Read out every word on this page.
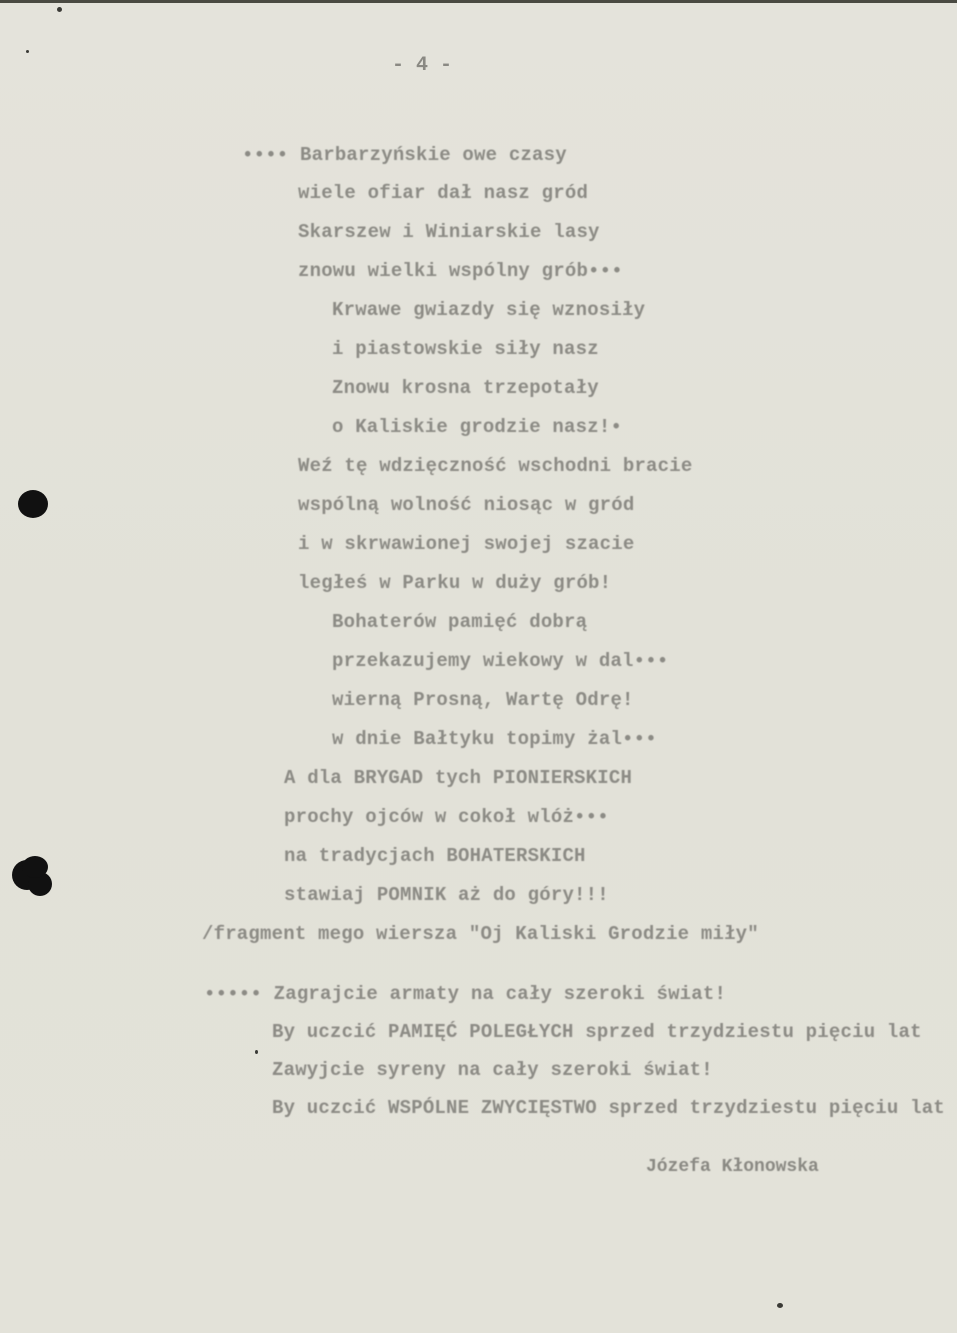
- 4 -
•••• Barbarzyńskie owe czasy
wiele ofiar dał nasz gród
Skarszew i Winiarskie lasy
znowu wielki wspólny grób•••
Krwawe gwiazdy się wznosiły
i piastowskie siły nasz
Znowu krosna trzepotały
o Kaliskie grodzie nasz!•
Weź tę wdzięczność wschodni bracie
wspólną wolność niosąc w gród
i w skrwawionej swojej szacie
ległeś w Parku w duży grób!
Bohaterów pamięć dobrą
przekazujemy wiekowy w dal•••
wierną Prosną, Wartę Odrę!
w dnie Bałtyku topimy żal•••
A dla BRYGAD tych PIONIERSKICH
prochy ojców w cokoł wlóż•••
na tradycjach BOHATERSKICH
stawiaj POMNIK aż do góry!!!
/fragment mego wiersza "Oj Kaliski Grodzie miły"
••••• Zagrajcie armaty na cały szeroki świat!
By uczcić PAMIĘĆ POLEGŁYCH sprzed trzydziestu pięciu lat
Zawyjcie syreny na cały szeroki świat!
By uczcić WSPÓLNE ZWYCIĘSTWO sprzed trzydziestu pięciu lat
Józefa Kłonowska
